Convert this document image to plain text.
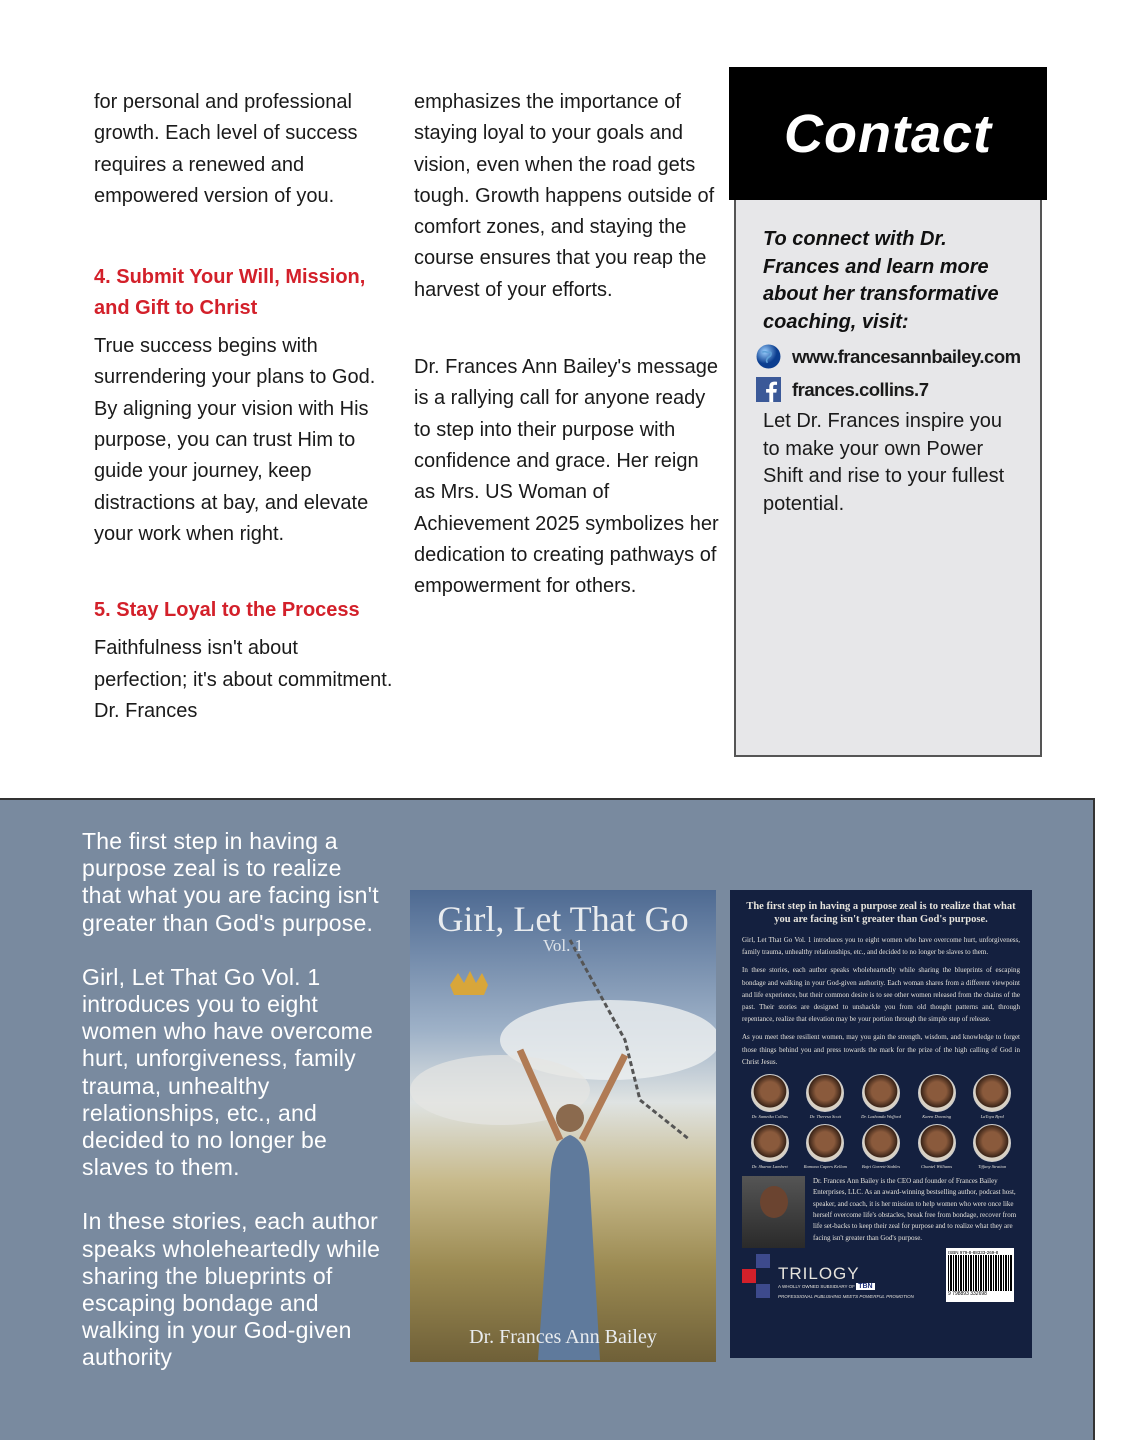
for personal and professional growth. Each level of success requires a renewed and empowered version of you.

4. Submit Your Will, Mission, and Gift to Christ

True success begins with surrendering your plans to God. By aligning your vision with His purpose, you can trust Him to guide your journey, keep distractions at bay, and elevate your work when right.

5. Stay Loyal to the Process

Faithfulness isn't about perfection; it's about commitment. Dr. Frances

emphasizes the importance of staying loyal to your goals and vision, even when the road gets tough. Growth happens outside of comfort zones, and staying the course ensures that you reap the harvest of your efforts.

Dr. Frances Ann Bailey's message is a rallying call for anyone ready to step into their purpose with confidence and grace. Her reign as Mrs. US Woman of Achievement 2025 symbolizes her dedication to creating pathways of empowerment for others.

Contact

To connect with Dr. Frances and learn more about her transformative coaching, visit:

www.francesannbailey.com
frances.collins.7

Let Dr. Frances inspire you to make your own Power Shift and rise to your fullest potential.

The first step in having a purpose zeal is to realize that what you are facing isn't greater than God's purpose.

Girl, Let That Go Vol. 1 introduces you to eight women who have overcome hurt, unforgiveness, family trauma, unhealthy relationships, etc., and decided to no longer be slaves to them.

In these stories, each author speaks wholeheartedly while sharing the blueprints of escaping bondage and walking in your God-given authority

Girl, Let That Go
Vol. 1
Dr. Frances Ann Bailey

The first step in having a purpose zeal is to realize that what you are facing isn't greater than God's purpose.

Girl, Let That Go Vol. 1 introduces you to eight women who have overcome hurt, unforgiveness, family trauma, unhealthy relationships, etc., and decided to no longer be slaves to them.

In these stories, each author speaks wholeheartedly while sharing the blueprints of escaping bondage and walking in your God-given authority. Each woman shares from a different viewpoint and life experience, but their common desire is to see other women released from the chains of the past. Their stories are designed to unshackle you from old thought patterns and, through repentance, realize that elevation may be your portion through the simple step of release.

As you meet these resilient women, may you gain the strength, wisdom, and knowledge to forget those things behind you and press towards the mark for the prize of the high calling of God in Christ Jesus.

Dr. Sameika Collins	Dr. Theresa Scott	Dr. Lashonda Wofford	Karen Downing	LaToya Byrd
Dr. Sharon Lambert	Ramona Capers Kellam	Bajri Garrett-Stables	Chantel Williams	Tiffany Stratton

Dr. Frances Ann Bailey is the CEO and founder of Frances Bailey Enterprises, LLC. As an award-winning bestselling author, podcast host, speaker, and coach, it is her mission to help women who were once like herself overcome life's obstacles, break free from bondage, recover from life set-backs to keep their zeal for purpose and to realize what they are facing isn't greater than God's purpose.

TRILOGY
A WHOLLY OWNED SUBSIDIARY OF TBN
PROFESSIONAL PUBLISHING MEETS POWERFUL PROMOTION
ISBN 979-8-88333-269-8
9 798893 332698
